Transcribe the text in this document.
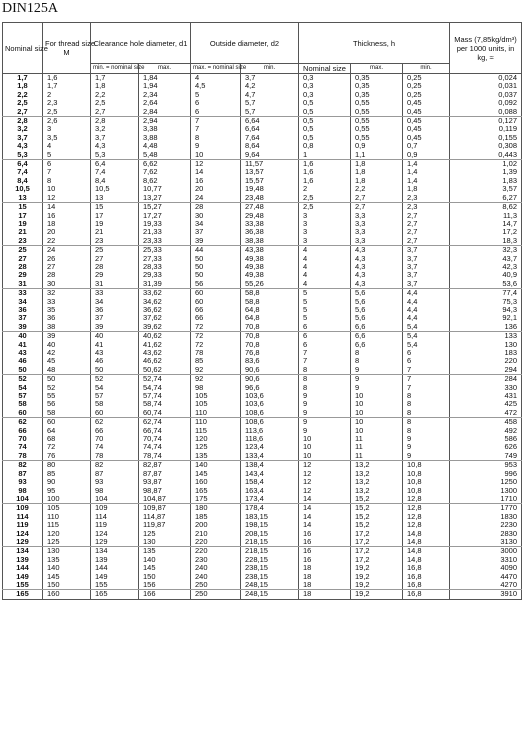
DIN125A
Nominal size	For thread size
M	Clearance hole diameter, d1		Outside diameter, d2		Thickness, h			Mass (7,85kg/dm³) per 1000 units, in kg, ≈
		min. = nominal size	max.	max. = nominal size	min.	Nominal size	max.	min.	
1,7	1,6	1,7	1,84	4	3,7	0,3	0,35	0,25	0,024
1,8	1,7	1,8	1,94	4,5	4,2	0,3	0,35	0,25	0,031
2,2	2	2,2	2,34	5	4,7	0,3	0,35	0,25	0,037
2,5	2,3	2,5	2,64	6	5,7	0,5	0,55	0,45	0,092
2,7	2,5	2,7	2,84	6	5,7	0,5	0,55	0,45	0,088
2,8	2,6	2,8	2,94	7	6,64	0,5	0,55	0,45	0,127
3,2	3	3,2	3,38	7	6,64	0,5	0,55	0,45	0,119
3,7	3,5	3,7	3,88	8	7,64	0,5	0,55	0,45	0,155
4,3	4	4,3	4,48	9	8,64	0,8	0,9	0,7	0,308
5,3	5	5,3	5,48	10	9,64	1	1,1	0,9	0,443
6,4	6	6,4	6,62	12	11,57	1,6	1,8	1,4	1,02
7,4	7	7,4	7,62	14	13,57	1,6	1,8	1,4	1,39
8,4	8	8,4	8,62	16	15,57	1,6	1,8	1,4	1,83
10,5	10	10,5	10,77	20	19,48	2	2,2	1,8	3,57
13	12	13	13,27	24	23,48	2,5	2,7	2,3	6,27
15	14	15	15,27	28	27,48	2,5	2,7	2,3	8,62
17	16	17	17,27	30	29,48	3	3,3	2,7	11,3
19	18	19	19,33	34	33,38	3	3,3	2,7	14,7
21	20	21	21,33	37	36,38	3	3,3	2,7	17,2
23	22	23	23,33	39	38,38	3	3,3	2,7	18,3
25	24	25	25,33	44	43,38	4	4,3	3,7	32,3
27	26	27	27,33	50	49,38	4	4,3	3,7	43,7
28	27	28	28,33	50	49,38	4	4,3	3,7	42,3
29	28	29	29,33	50	49,38	4	4,3	3,7	40,9
31	30	31	31,39	56	55,26	4	4,3	3,7	53,6
33	32	33	33,62	60	58,8	5	5,6	4,4	77,4
34	33	34	34,62	60	58,8	5	5,6	4,4	75,3
36	35	36	36,62	66	64,8	5	5,6	4,4	94,3
37	36	37	37,62	66	64,8	5	5,6	4,4	92,1
39	38	39	39,62	72	70,8	6	6,6	5,4	136
40	39	40	40,62	72	70,8	6	6,6	5,4	133
41	40	41	41,62	72	70,8	6	6,6	5,4	130
43	42	43	43,62	78	76,8	7	8	6	183
46	45	46	46,62	85	83,6	7	8	6	220
50	48	50	50,62	92	90,6	8	9	7	294
52	50	52	52,74	92	90,6	8	9	7	284
54	52	54	54,74	98	96,6	8	9	7	330
57	55	57	57,74	105	103,6	9	10	8	431
58	56	58	58,74	105	103,6	9	10	8	425
60	58	60	60,74	110	108,6	9	10	8	472
62	60	62	62,74	110	108,6	9	10	8	458
66	64	66	66,74	115	113,6	9	10	8	492
70	68	70	70,74	120	118,6	10	11	9	586
74	72	74	74,74	125	123,4	10	11	9	626
78	76	78	78,74	135	133,4	10	11	9	749
82	80	82	82,87	140	138,4	12	13,2	10,8	953
87	85	87	87,87	145	143,4	12	13,2	10,8	996
93	90	93	93,87	160	158,4	12	13,2	10,8	1250
98	95	98	98,87	165	163,4	12	13,2	10,8	1300
104	100	104	104,87	175	173,4	14	15,2	12,8	1710
109	105	109	109,87	180	178,4	14	15,2	12,8	1770
114	110	114	114,87	185	183,15	14	15,2	12,8	1830
119	115	119	119,87	200	198,15	14	15,2	12,8	2230
124	120	124	125	210	208,15	16	17,2	14,8	2830
129	125	129	130	220	218,15	16	17,2	14,8	3130
134	130	134	135	220	218,15	16	17,2	14,8	3000
139	135	139	140	230	228,15	16	17,2	14,8	3310
144	140	144	145	240	238,15	18	19,2	16,8	4090
149	145	149	150	240	238,15	18	19,2	16,8	4470
155	150	155	156	250	248,15	18	19,2	16,8	4270
165	160	165	166	250	248,15	18	19,2	16,8	3910
